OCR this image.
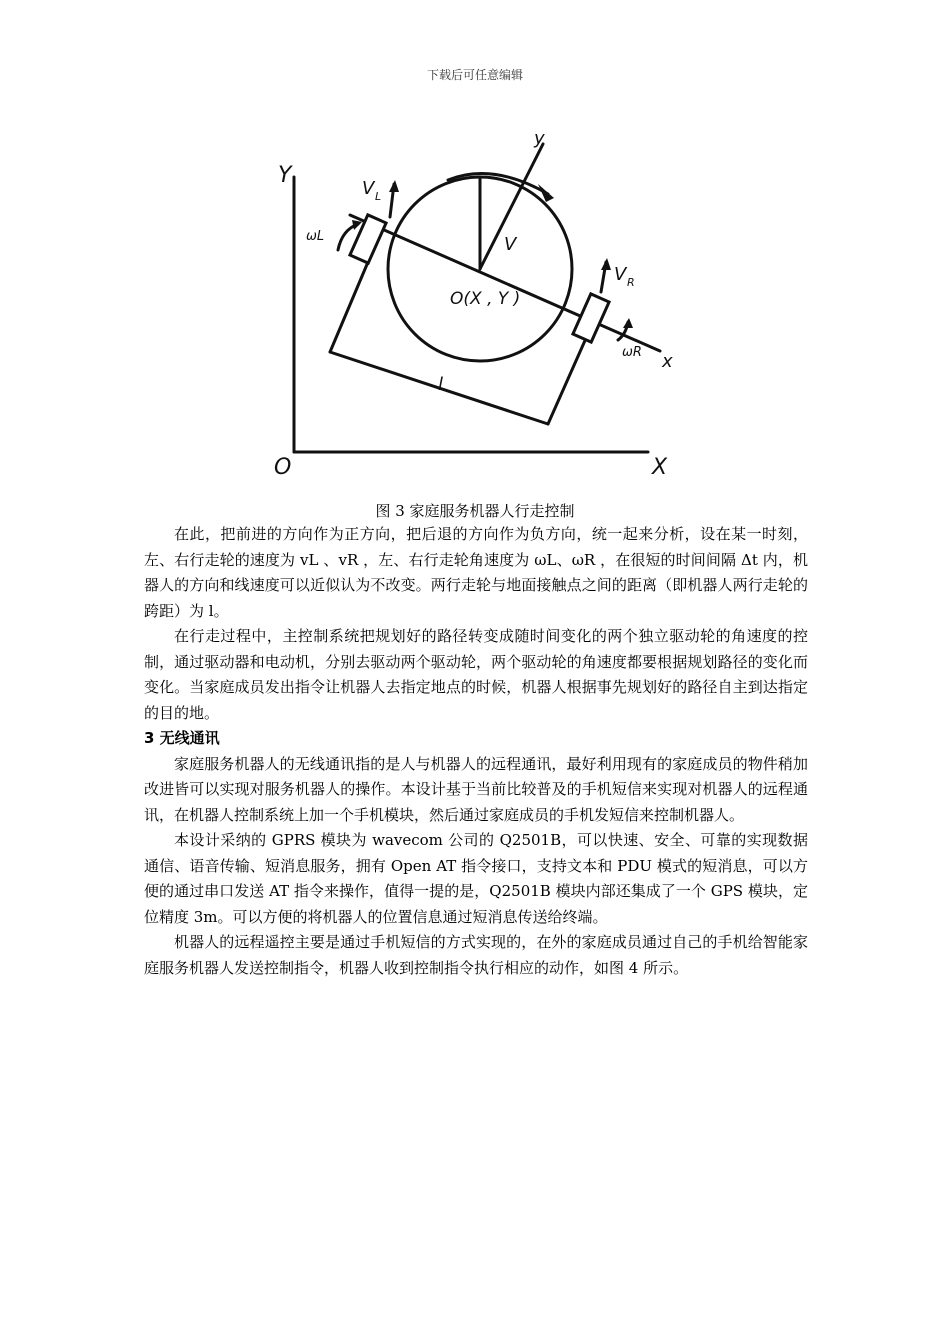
下载后可任意编辑
Y
O	X
y
x
V
V L
V R
ωL
ωR
O(X , Y )
l
图 3 家庭服务机器人行走控制

在此，把前进的方向作为正方向，把后退的方向作为负方向，统一起来分析，设在某一时刻，左、右行走轮的速度为 vL 、vR ，左、右行走轮角速度为 ωL、ωR ，在很短的时间间隔 Δt 内，机器人的方向和线速度可以近似认为不改变。两行走轮与地面接触点之间的距离（即机器人两行走轮的跨距）为 l。

在行走过程中，主控制系统把规划好的路径转变成随时间变化的两个独立驱动轮的角速度的控制，通过驱动器和电动机，分别去驱动两个驱动轮，两个驱动轮的角速度都要根据规划路径的变化而变化。当家庭成员发出指令让机器人去指定地点的时候，机器人根据事先规划好的路径自主到达指定的目的地。

3 无线通讯

家庭服务机器人的无线通讯指的是人与机器人的远程通讯，最好利用现有的家庭成员的物件稍加改进皆可以实现对服务机器人的操作。本设计基于当前比较普及的手机短信来实现对机器人的远程通讯，在机器人控制系统上加一个手机模块，然后通过家庭成员的手机发短信来控制机器人。

本设计采纳的 GPRS 模块为 wavecom 公司的 Q2501B，可以快速、安全、可靠的实现数据通信、语音传输、短消息服务，拥有 Open AT 指令接口，支持文本和 PDU 模式的短消息，可以方便的通过串口发送 AT 指令来操作，值得一提的是，Q2501B 模块内部还集成了一个 GPS 模块，定位精度 3m。可以方便的将机器人的位置信息通过短消息传送给终端。

机器人的远程遥控主要是通过手机短信的方式实现的，在外的家庭成员通过自己的手机给智能家庭服务机器人发送控制指令，机器人收到控制指令执行相应的动作，如图 4 所示。
